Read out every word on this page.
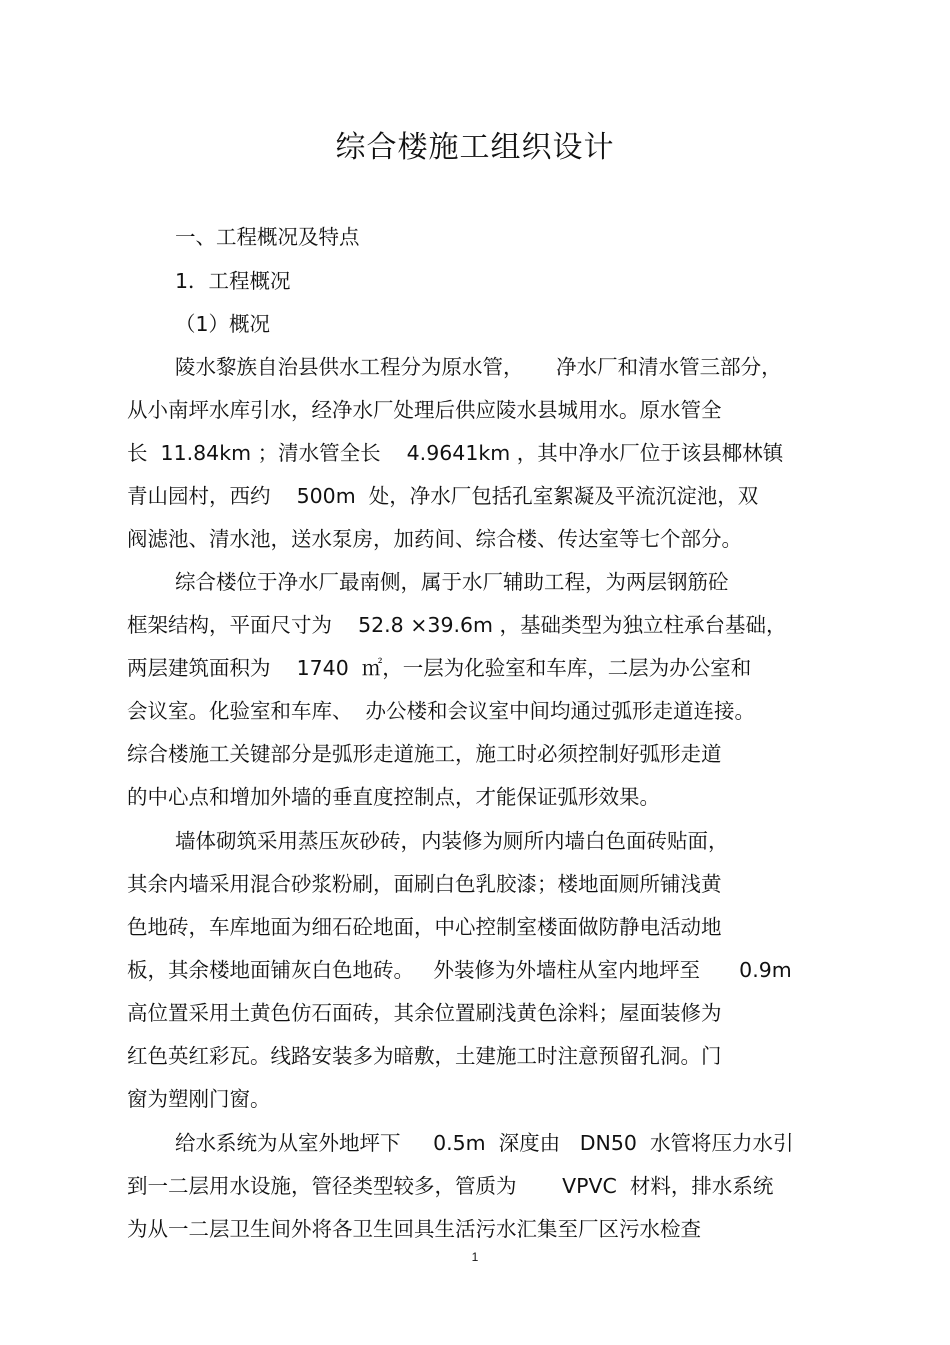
综合楼施工组织设计
一、工程概况及特点
1．工程概况
（1）概况
陵水黎族自治县供水工程分为原水管，     净水厂和清水管三部分，
从小南坪水库引水，经净水厂处理后供应陵水县城用水。原水管全
长  11.84km ；清水管全长    4.9641km ，其中净水厂位于该县椰林镇
青山园村，西约    500m  处，净水厂包括孔室絮凝及平流沉淀池，双
阀滤池、清水池，送水泵房，加药间、综合楼、传达室等七个部分。
综合楼位于净水厂最南侧，属于水厂辅助工程，为两层钢筋砼
框架结构，平面尺寸为    52.8 ×39.6m ，基础类型为独立柱承台基础，
两层建筑面积为    1740  ㎡，一层为化验室和车库，二层为办公室和
会议室。化验室和车库、  办公楼和会议室中间均通过弧形走道连接。
综合楼施工关键部分是弧形走道施工，施工时必须控制好弧形走道
的中心点和增加外墙的垂直度控制点，才能保证弧形效果。
墙体砌筑采用蒸压灰砂砖，内装修为厕所内墙白色面砖贴面，
其余内墙采用混合砂浆粉刷，面刷白色乳胶漆；楼地面厕所铺浅黄
色地砖，车库地面为细石砼地面，中心控制室楼面做防静电活动地
板，其余楼地面铺灰白色地砖。   外装修为外墙柱从室内地坪至      0.9m
高位置采用土黄色仿石面砖，其余位置刷浅黄色涂料；屋面装修为
红色英红彩瓦。线路安装多为暗敷，土建施工时注意预留孔洞。门
窗为塑刚门窗。
给水系统为从室外地坪下     0.5m  深度由   DN50  水管将压力水引
到一二层用水设施，管径类型较多，管质为       VPVC  材料，排水系统
为从一二层卫生间外将各卫生回具生活污水汇集至厂区污水检查
1
